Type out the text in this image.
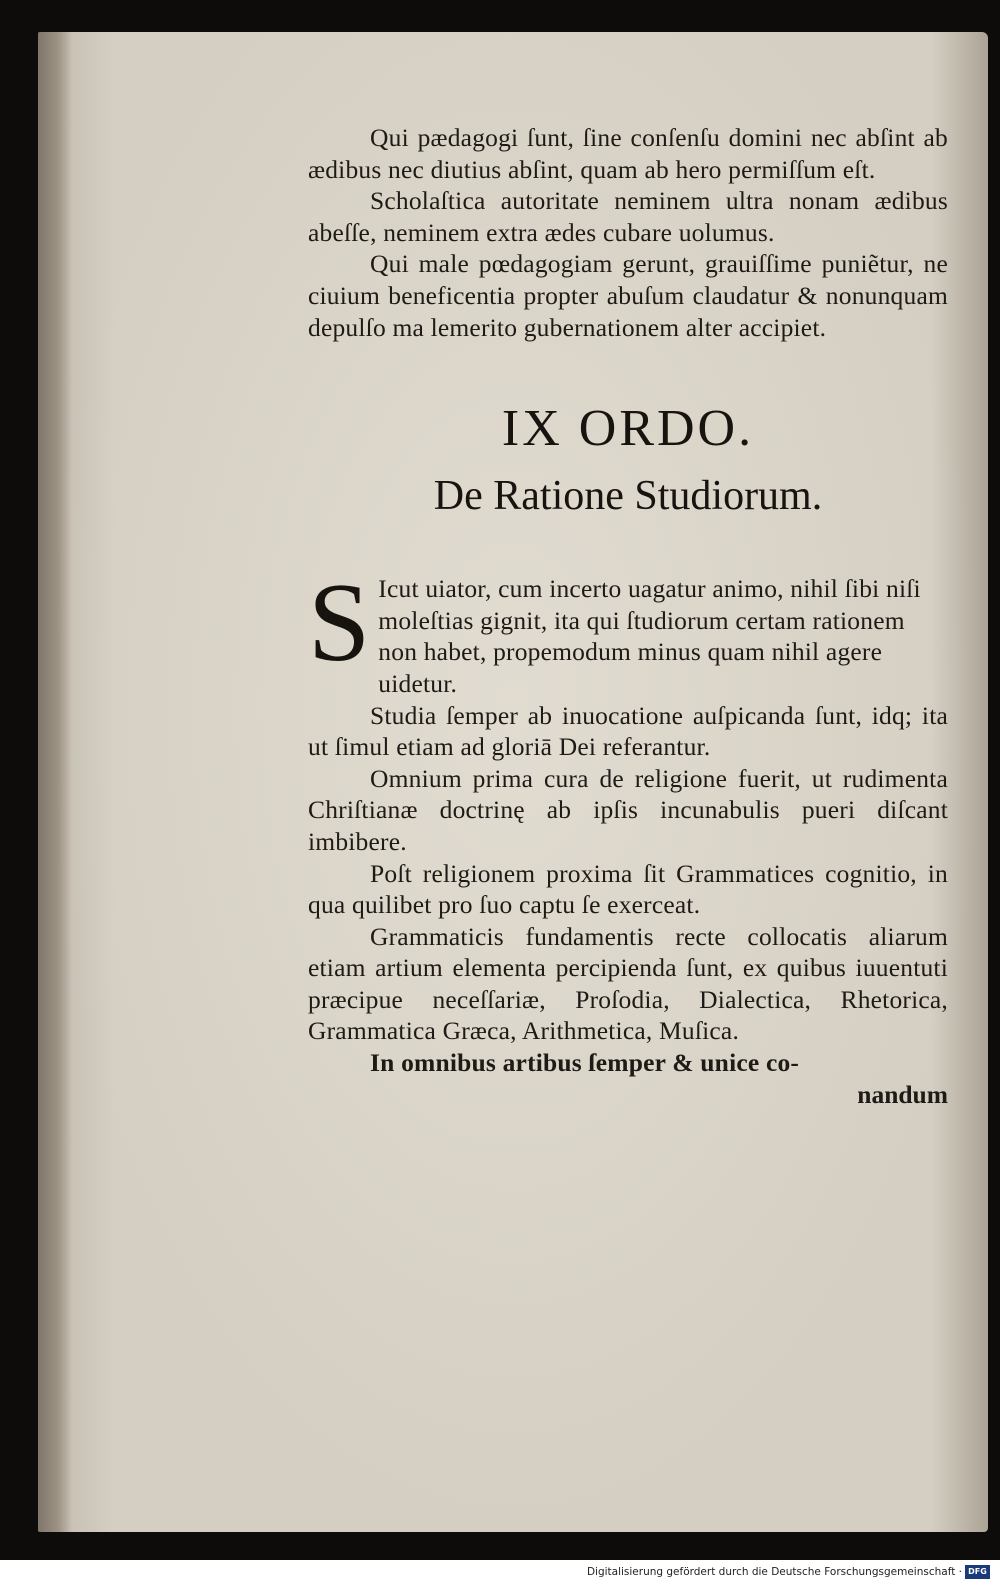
Qui pædagogi ſunt, ſine conſenſu domini nec abſint ab ædibus nec diutius abſint, quam ab hero permiſſum eſt.

Scholaſtica autoritate neminem ultra nonam ædibus abeſſe, neminem extra ædes cubare uolumus.

Qui male pœdagogiam gerunt, grauiſſime puniẽtur, ne ciuium beneficentia propter abuſum claudatur & nonunquam depulſo ma lemerito gubernationem alter accipiet.

IX ORDO.
De Ratione Studiorum.
S Icut uiator, cum incerto uagatur animo, nihil ſibi niſi moleſtias gignit, ita qui ſtudiorum certam rationem non habet, propemodum minus quam nihil agere uidetur.

Studia ſemper ab inuocatione auſpicanda ſunt, idq; ita ut ſimul etiam ad gloriā Dei referantur.

Omnium prima cura de religione fuerit, ut rudimenta Chriſtianæ doctrinę ab ipſis incunabulis pueri diſcant imbibere.

Poſt religionem proxima ſit Grammatices cognitio, in qua quilibet pro ſuo captu ſe exerceat.

Grammaticis fundamentis recte collocatis aliarum etiam artium elementa percipienda ſunt, ex quibus iuuentuti præcipue neceſſariæ, Proſodia, Dialectica, Rhetorica, Grammatica Græca, Arithmetica, Muſica.

In omnibus artibus ſemper & unice co-

nandum

Digitalisierung gefördert durch die Deutsche Forschungsgemeinschaft · DFG
